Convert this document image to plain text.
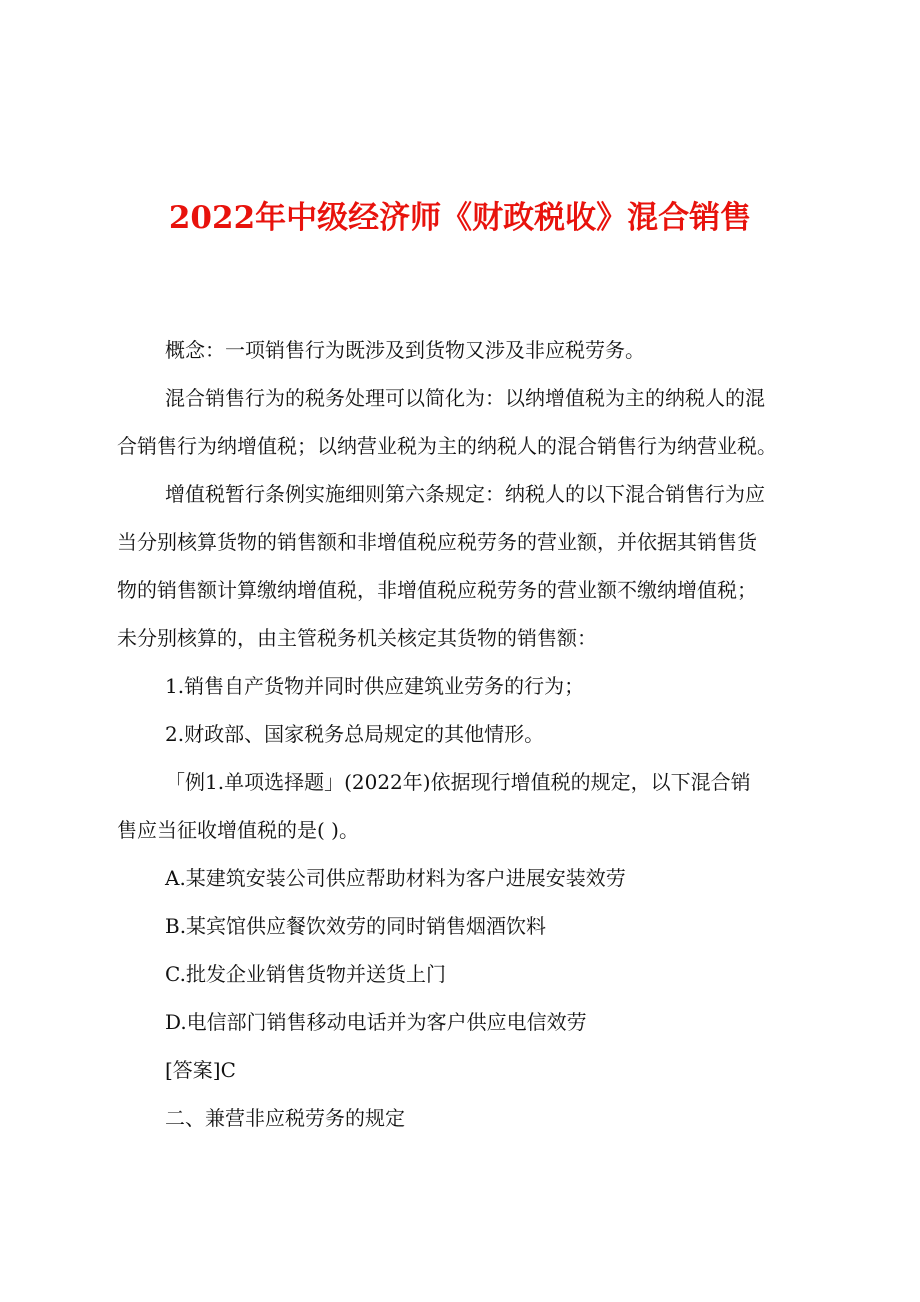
2022年中级经济师《财政税收》混合销售

概念：一项销售行为既涉及到货物又涉及非应税劳务。

混合销售行为的税务处理可以简化为：以纳增值税为主的纳税人的混

合销售行为纳增值税；以纳营业税为主的纳税人的混合销售行为纳营业税。

增值税暂行条例实施细则第六条规定：纳税人的以下混合销售行为应

当分别核算货物的销售额和非增值税应税劳务的营业额，并依据其销售货

物的销售额计算缴纳增值税，非增值税应税劳务的营业额不缴纳增值税；

未分别核算的，由主管税务机关核定其货物的销售额：

1.销售自产货物并同时供应建筑业劳务的行为；

2.财政部、国家税务总局规定的其他情形。

「例1.单项选择题」(2022年)依据现行增值税的规定，以下混合销

售应当征收增值税的是( )。

A.某建筑安装公司供应帮助材料为客户进展安装效劳

B.某宾馆供应餐饮效劳的同时销售烟酒饮料

C.批发企业销售货物并送货上门

D.电信部门销售移动电话并为客户供应电信效劳

[答案]C

二、兼营非应税劳务的规定
